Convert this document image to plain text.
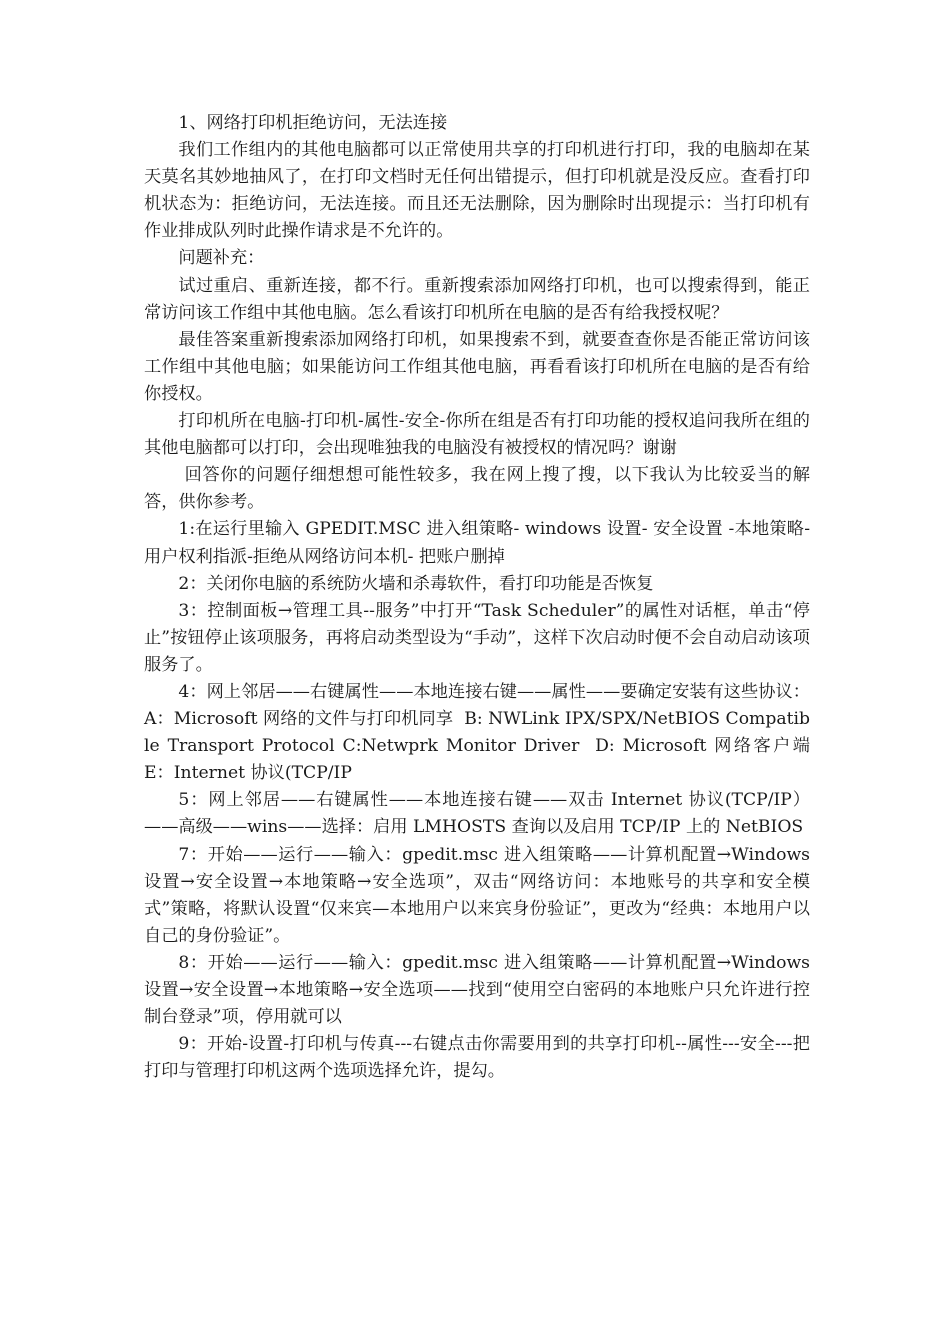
1、网络打印机拒绝访问，无法连接

我们工作组内的其他电脑都可以正常使用共享的打印机进行打印，我的电脑却在某天莫名其妙地抽风了，在打印文档时无任何出错提示，但打印机就是没反应。查看打印机状态为：拒绝访问，无法连接。而且还无法删除，因为删除时出现提示：当打印机有作业排成队列时此操作请求是不允许的。

问题补充：

试过重启、重新连接，都不行。重新搜索添加网络打印机，也可以搜索得到，能正常访问该工作组中其他电脑。怎么看该打印机所在电脑的是否有给我授权呢？

最佳答案重新搜索添加网络打印机，如果搜索不到，就要查查你是否能正常访问该工作组中其他电脑；如果能访问工作组其他电脑，再看看该打印机所在电脑的是否有给你授权。

打印机所在电脑-打印机-属性-安全-你所在组是否有打印功能的授权追问我所在组的其他电脑都可以打印，会出现唯独我的电脑没有被授权的情况吗？谢谢

回答你的问题仔细想想可能性较多，我在网上搜了搜，以下我认为比较妥当的解答，供你参考。

1:在运行里输入 GPEDIT.MSC 进入组策略- windows 设置- 安全设置 -本地策略-用户权利指派-拒绝从网络访问本机- 把账户删掉

2：关闭你电脑的系统防火墙和杀毒软件，看打印功能是否恢复

3：控制面板→管理工具--服务”中打开“Task Scheduler”的属性对话框，单击“停止”按钮停止该项服务，再将启动类型设为“手动”，这样下次启动时便不会自动启动该项服务了。

4：网上邻居——右键属性——本地连接右键——属性——要确定安装有这些协议：  A：Microsoft 网络的文件与打印机同享  B: NWLink IPX/SPX/NetBIOS Compatible Transport Protocol C:Netwprk Monitor Driver  D: Microsoft 网络客户端 E：Internet 协议(TCP/IP

5：网上邻居——右键属性——本地连接右键——双击 Internet 协议(TCP/IP）——高级——wins——选择：启用 LMHOSTS 查询以及启用 TCP/IP 上的 NetBIOS

7：开始——运行——输入：gpedit.msc 进入组策略——计算机配置→Windows 设置→安全设置→本地策略→安全选项”，双击“网络访问：本地账号的共享和安全模式”策略，将默认设置“仅来宾—本地用户以来宾身份验证”，更改为“经典：本地用户以自己的身份验证”。

8：开始——运行——输入：gpedit.msc 进入组策略——计算机配置→Windows 设置→安全设置→本地策略→安全选项——找到“使用空白密码的本地账户只允许进行控制台登录”项，停用就可以

9：开始-设置-打印机与传真---右键点击你需要用到的共享打印机--属性---安全---把打印与管理打印机这两个选项选择允许，提勾。
